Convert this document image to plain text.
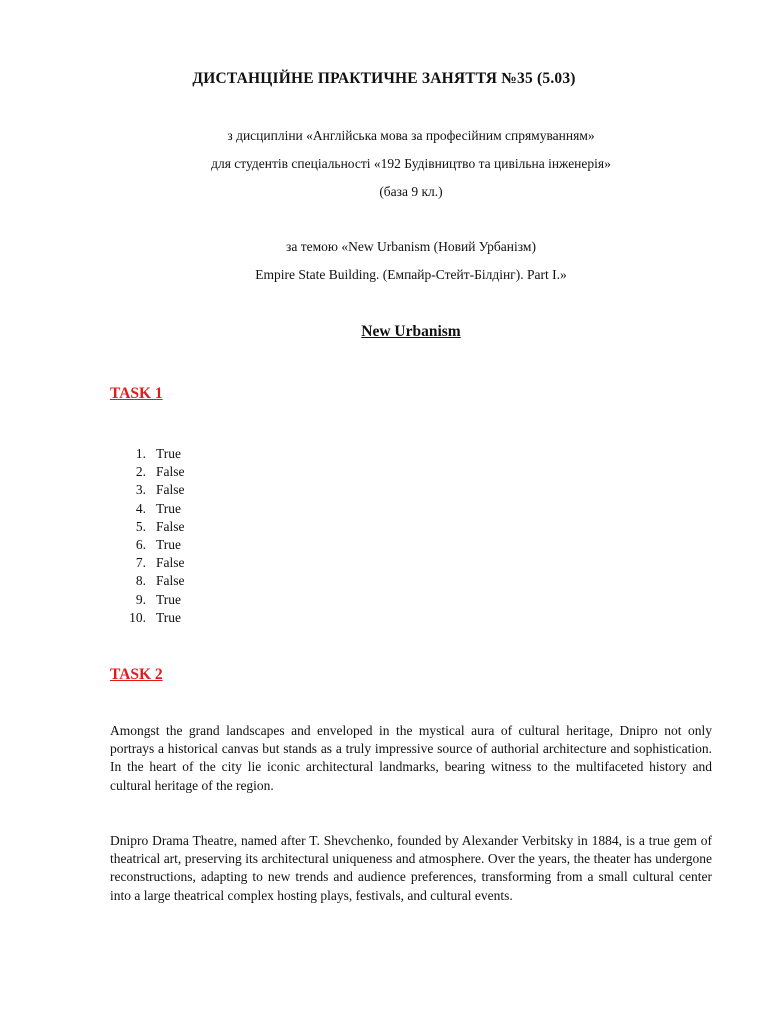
ДИСТАНЦІЙНЕ ПРАКТИЧНЕ ЗАНЯТТЯ №35 (5.03)
з дисципліни «Англійська мова за професійним спрямуванням»
для студентів спеціальності «192 Будівництво та цивільна інженерія»
(база 9 кл.)
за темою «New Urbanism (Новий Урбанізм)
Empire State Building. (Емпайр-Стейт-Білдінг). Part I.»
New Urbanism
TASK 1
1. True
2. False
3. False
4. True
5. False
6. True
7. False
8. False
9. True
10. True
TASK 2

Amongst the grand landscapes and enveloped in the mystical aura of cultural heritage, Dnipro not only portrays a historical canvas but stands as a truly impressive source of authorial architecture and sophistication. In the heart of the city lie iconic architectural landmarks, bearing witness to the multifaceted history and cultural heritage of the region.

Dnipro Drama Theatre, named after T. Shevchenko, founded by Alexander Verbitsky in 1884, is a true gem of theatrical art, preserving its architectural uniqueness and atmosphere. Over the years, the theater has undergone reconstructions, adapting to new trends and audience preferences, transforming from a small cultural center into a large theatrical complex hosting plays, festivals, and cultural events.
